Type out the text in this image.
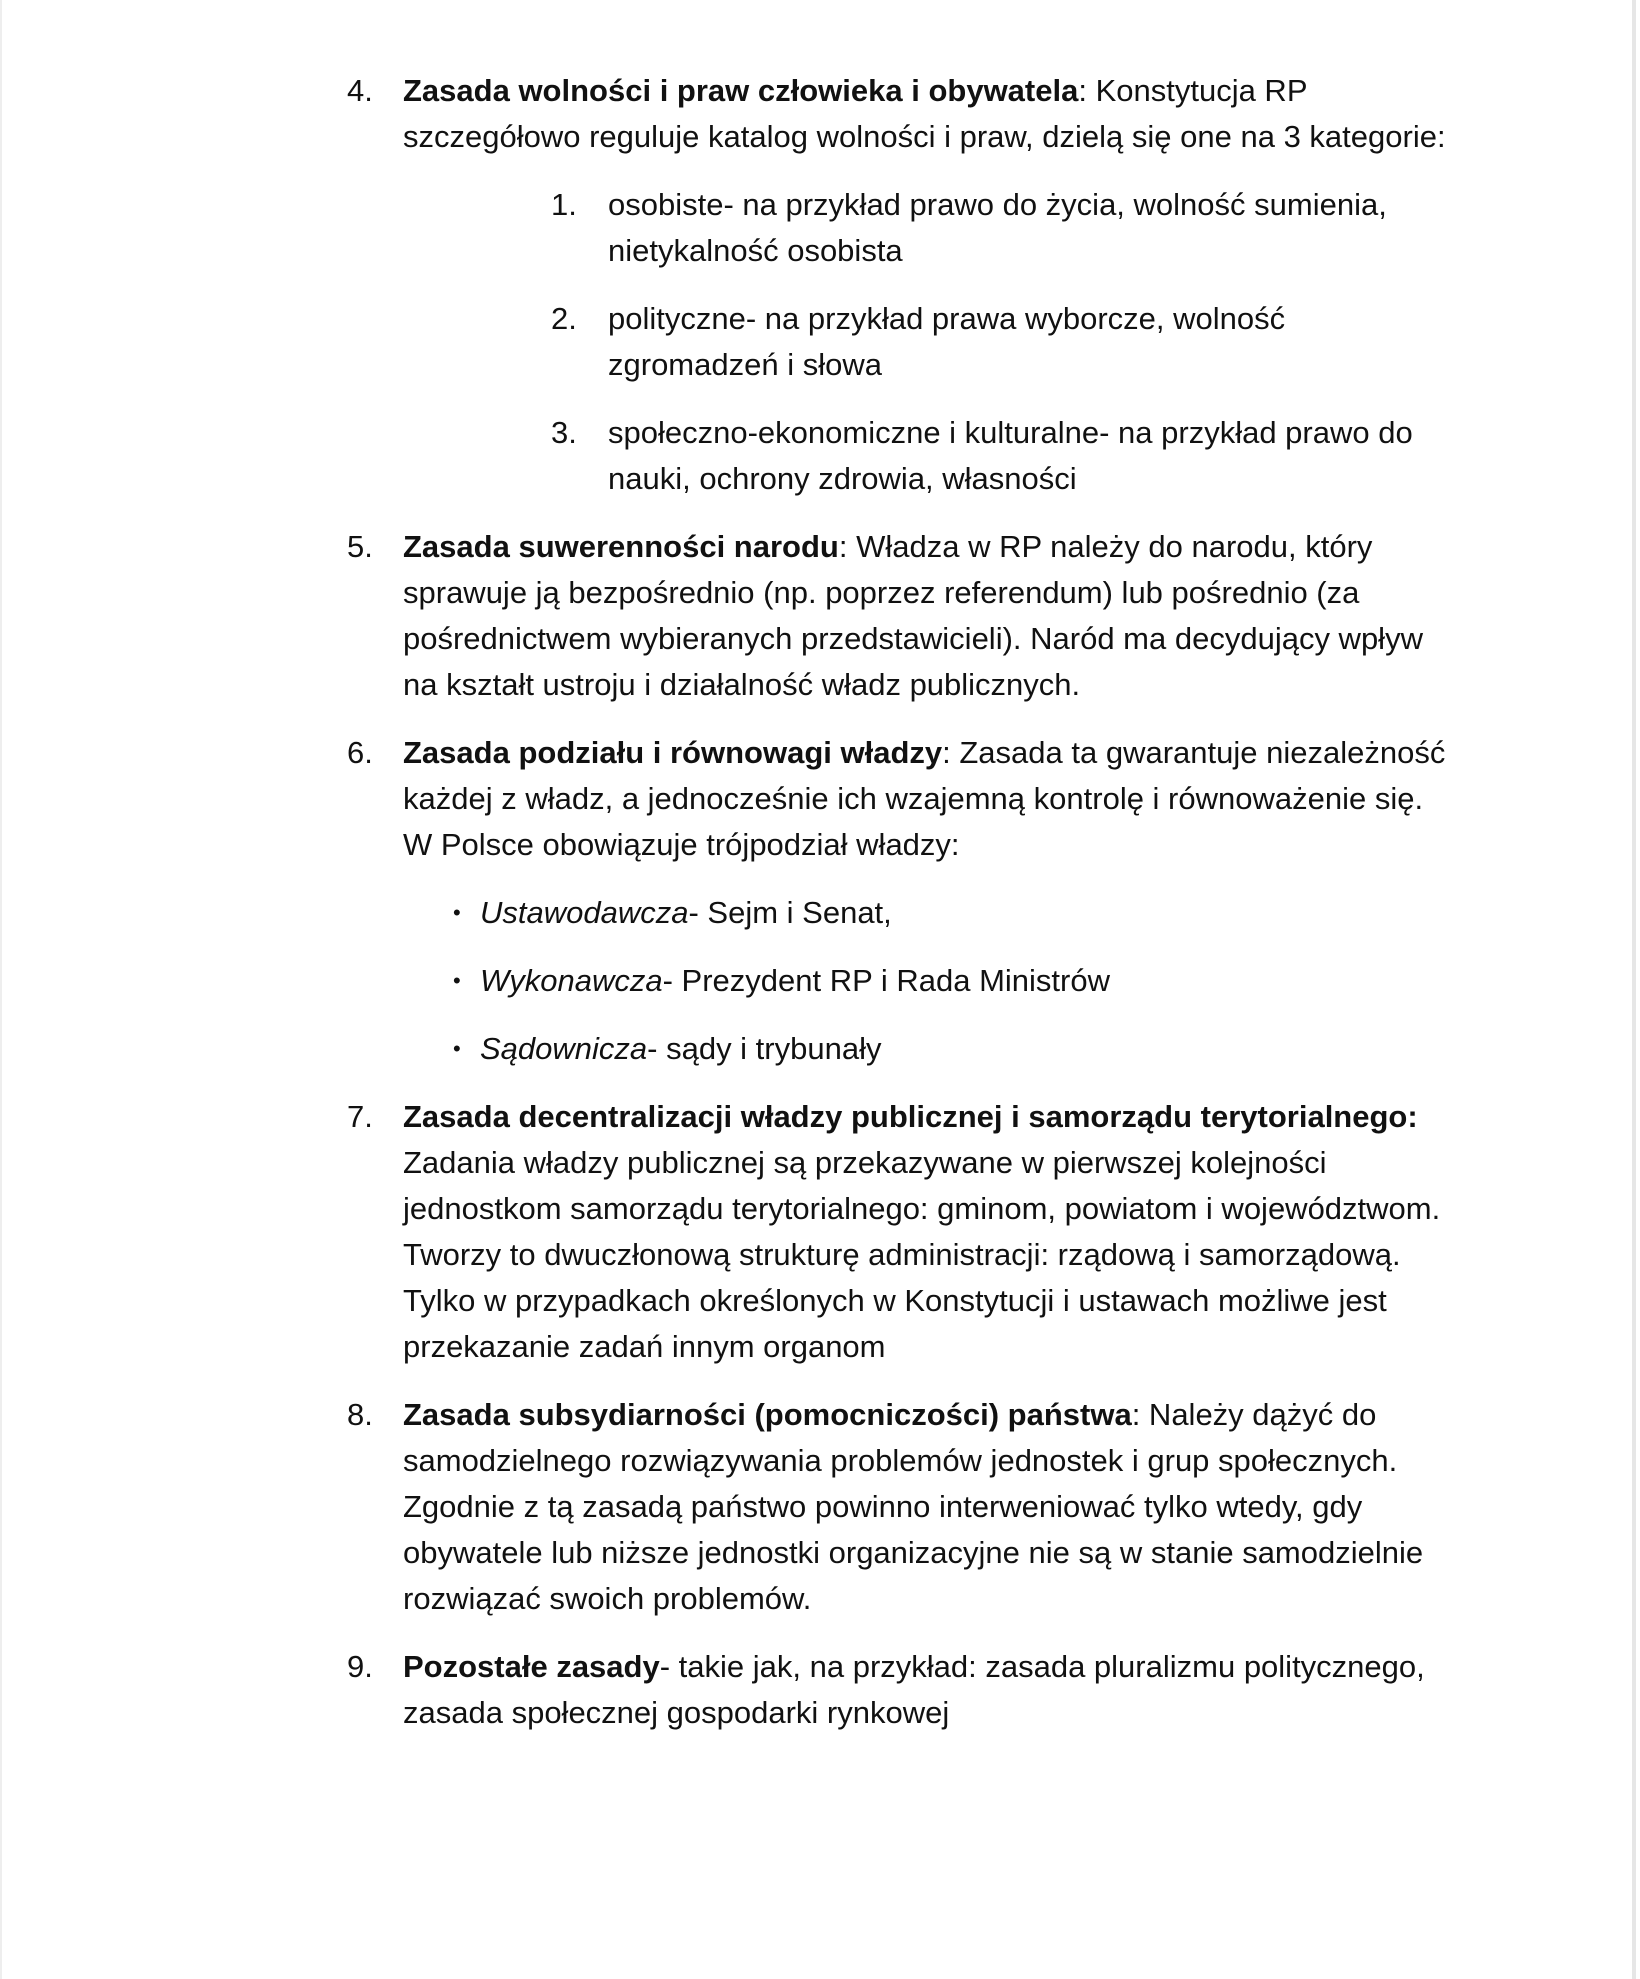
4. Zasada wolności i praw człowieka i obywatela: Konstytucja RP szczegółowo reguluje katalog wolności i praw, dzielą się one na 3 kategorie:
1. osobiste- na przykład prawo do życia, wolność sumienia, nietykalność osobista
2. polityczne- na przykład prawa wyborcze, wolność zgromadzeń i słowa
3. społeczno-ekonomiczne i kulturalne- na przykład prawo do nauki, ochrony zdrowia, własności
5. Zasada suwerenności narodu: Władza w RP należy do narodu, który sprawuje ją bezpośrednio (np. poprzez referendum) lub pośrednio (za pośrednictwem wybieranych przedstawicieli). Naród ma decydujący wpływ na kształt ustroju i działalność władz publicznych.
6. Zasada podziału i równowagi władzy: Zasada ta gwarantuje niezależność każdej z władz, a jednocześnie ich wzajemną kontrolę i równoważenie się. W Polsce obowiązuje trójpodział władzy:
• Ustawodawcza- Sejm i Senat,
• Wykonawcza- Prezydent RP i Rada Ministrów
• Sądownicza- sądy i trybunały
7. Zasada decentralizacji władzy publicznej i samorządu terytorialnego: Zadania władzy publicznej są przekazywane w pierwszej kolejności jednostkom samorządu terytorialnego: gminom, powiatom i województwom. Tworzy to dwuczłonową strukturę administracji: rządową i samorządową. Tylko w przypadkach określonych w Konstytucji i ustawach możliwe jest przekazanie zadań innym organom
8. Zasada subsydiarności (pomocniczości) państwa: Należy dążyć do samodzielnego rozwiązywania problemów jednostek i grup społecznych. Zgodnie z tą zasadą państwo powinno interweniować tylko wtedy, gdy obywatele lub niższe jednostki organizacyjne nie są w stanie samodzielnie rozwiązać swoich problemów.
9. Pozostałe zasady- takie jak, na przykład: zasada pluralizmu politycznego, zasada społecznej gospodarki rynkowej
